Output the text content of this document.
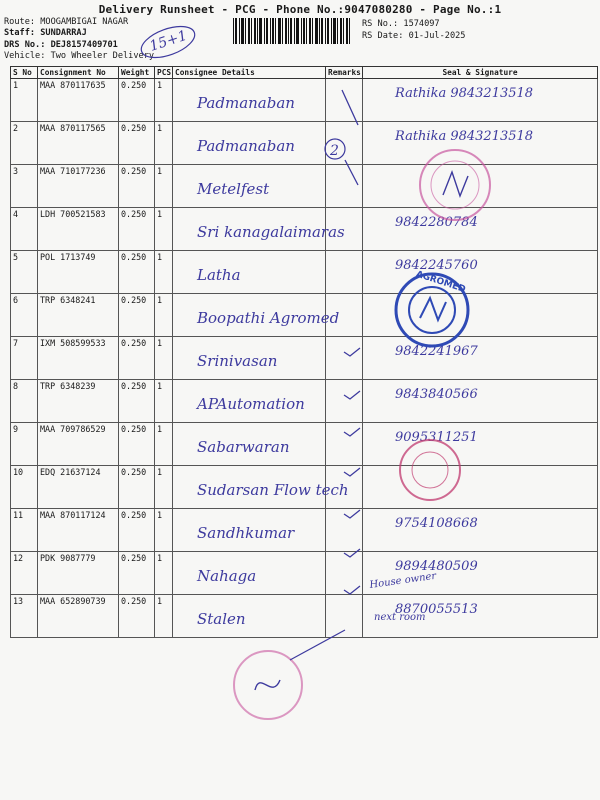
Delivery Runsheet - PCG - Phone No.:9047080280 - Page No.:1
Route: MOOGAMBIGAI NAGAR
Staff: SUNDARRAJ
DRS No.: DEJ8157409701
Vehicle: Two Wheeler Delivery
RS No.: 1574097
RS Date: 01-Jul-2025
S No	Consignment No	Weight	PCS	Consignee Details	Remarks	Seal & Signature
1	MAA 870117635	0.250	1	Padmanaban		Rathika 9843213518

2	MAA 870117565	0.250	1	Padmanaban		Rathika 9843213518

3	MAA 710177236	0.250	1	Metelfest		

4	LDH 700521583	0.250	1	Sri kanagalaimaras		9842280784

5	POL 1713749	0.250	1	Latha		9842245760

6	TRP 6348241	0.250	1	Boopathi Agromed		

7	IXM 508599533	0.250	1	Srinivasan		9842241967

8	TRP 6348239	0.250	1	APAutomation		9843840566

9	MAA 709786529	0.250	1	Sabarwaran		9095311251

10	EDQ 21637124	0.250	1	Sudarsan Flow tech		

11	MAA 870117124	0.250	1	Sandhkumar		9754108668

12	PDK 9087779	0.250	1	Nahaga		9894480509

13	MAA 652890739	0.250	1	Stalen		8870055513
15+1
2
AGROMED
House owner
next room
